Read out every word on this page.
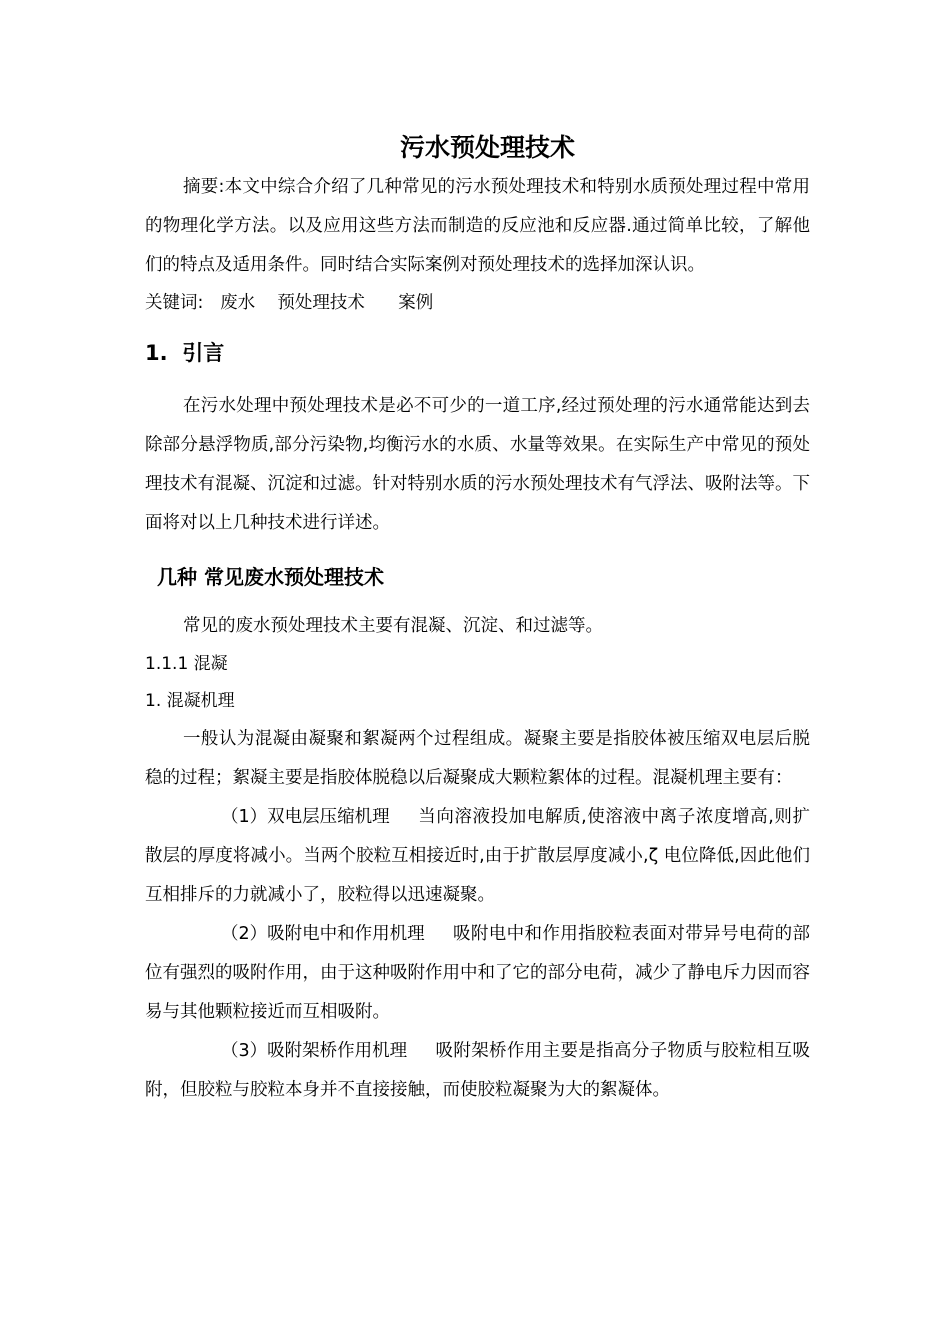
污水预处理技术

摘要:本文中综合介绍了几种常见的污水预处理技术和特别水质预处理过程中常用的物理化学方法。以及应用这些方法而制造的反应池和反应器.通过简单比较，了解他们的特点及适用条件。同时结合实际案例对预处理技术的选择加深认识。

关键词: 废水 预处理技术 案例

1.  引言

在污水处理中预处理技术是必不可少的一道工序,经过预处理的污水通常能达到去除部分悬浮物质,部分污染物,均衡污水的水质、水量等效果。在实际生产中常见的预处理技术有混凝、沉淀和过滤。针对特别水质的污水预处理技术有气浮法、吸附法等。下面将对以上几种技术进行详述。

几种 常见废水预处理技术

常见的废水预处理技术主要有混凝、沉淀、和过滤等。

1.1.1 混凝

1. 混凝机理

一般认为混凝由凝聚和絮凝两个过程组成。凝聚主要是指胶体被压缩双电层后脱稳的过程；絮凝主要是指胶体脱稳以后凝聚成大颗粒絮体的过程。混凝机理主要有：

（1）双电层压缩机理 当向溶液投加电解质,使溶液中离子浓度增高,则扩散层的厚度将减小。当两个胶粒互相接近时,由于扩散层厚度减小,ζ 电位降低,因此他们互相排斥的力就减小了，胶粒得以迅速凝聚。

（2）吸附电中和作用机理 吸附电中和作用指胶粒表面对带异号电荷的部位有强烈的吸附作用，由于这种吸附作用中和了它的部分电荷，减少了静电斥力因而容易与其他颗粒接近而互相吸附。

（3）吸附架桥作用机理 吸附架桥作用主要是指高分子物质与胶粒相互吸附，但胶粒与胶粒本身并不直接接触，而使胶粒凝聚为大的絮凝体。
